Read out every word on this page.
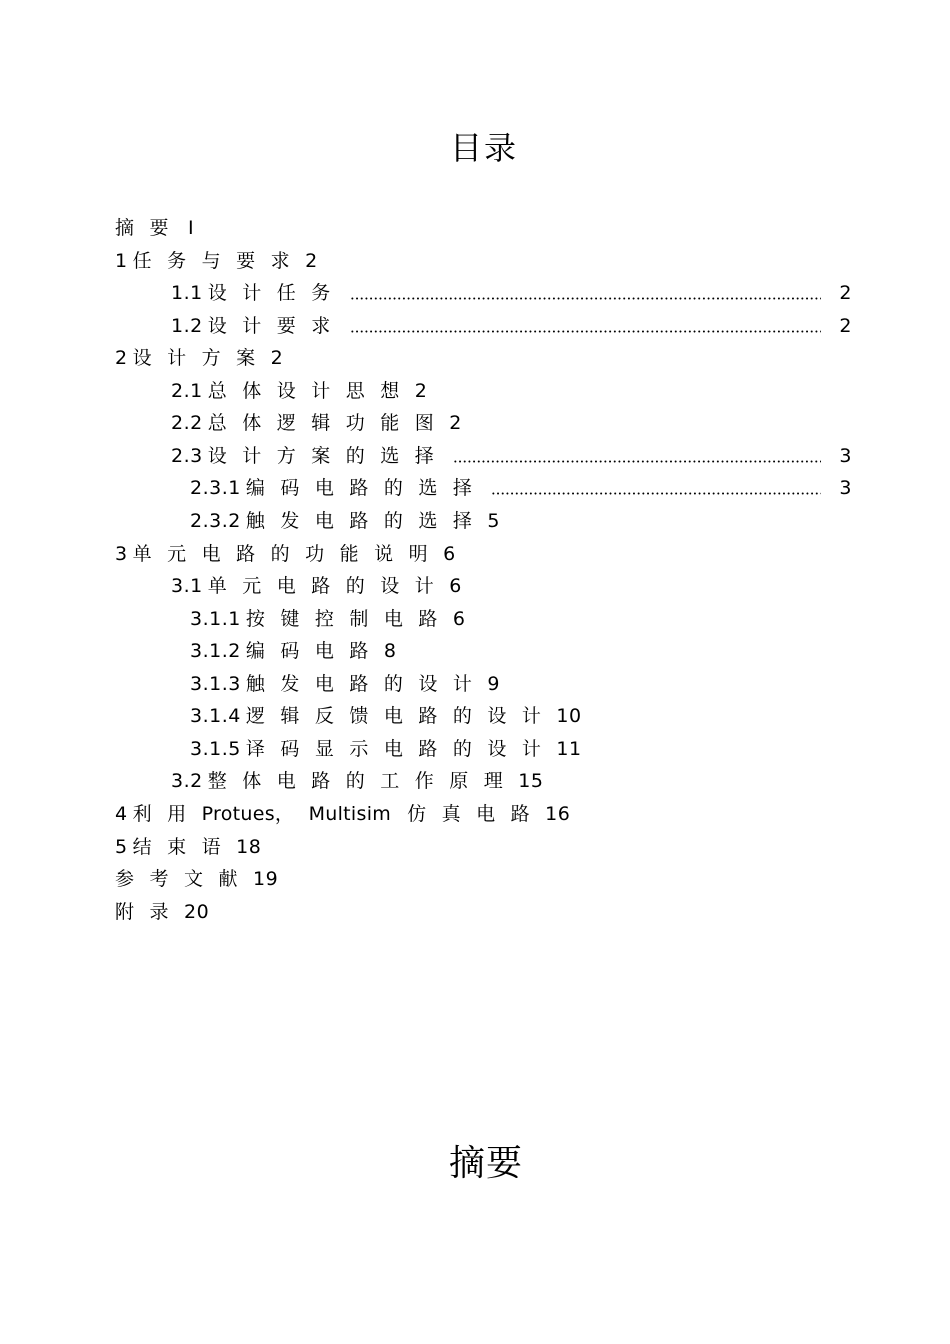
目录
摘要 I
1 任务与要求 2
1.1 设计任务	2
1.2 设计要求	2
2 设计方案 2
2.1 总体设计思想 2
2.2 总体逻辑功能图 2
2.3 设计方案的选择	3
2.3.1 编码电路的选择	3
2.3.2 触发电路的选择 5
3 单元电路的功能说明 6
3.1 单元电路的设计 6
3.1.1 按键控制电路 6
3.1.2 编码电路 8
3.1.3 触发电路的设计 9
3.1.4 逻辑反馈电路的设计 10
3.1.5 译码显示电路的设计 11
3.2 整体电路的工作原理 15
4 利用 Protues， Multisim 仿真电路 16
5 结束语 18
参考文献 19
附录 20
摘要
